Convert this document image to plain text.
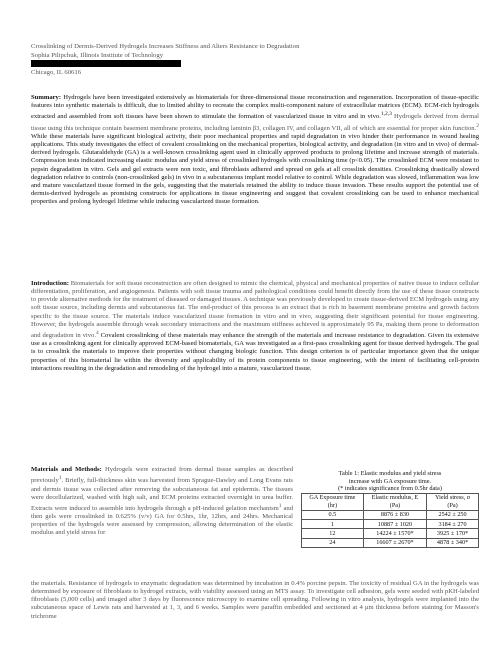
Crosslinking of Dermis-Derived Hydrogels Increases Stiffness and Alters Resistance to Degradation
Sophia Pilipchuk, Illinois Institute of Technology
Chicago, IL 60616
Summary: Hydrogels have been investigated extensively as biomaterials for three-dimensional tissue reconstruction and regeneration. Incorporation of tissue-specific features into synthetic materials is difficult, due to limited ability to recreate the complex multi-component nature of extracellular matrices (ECM). ECM-rich hydrogels extracted and assembled from soft tissues have been shown to stimulate the formation of vascularized tissue in vitro and in vivo.$^{1,2,3}$ Hydrogels derived from dermal tissue using this technique contain basement membrane proteins, including laminin β3, collagen IV, and collagen VII, all of which are essential for proper skin function.$^2$ While these materials have significant biological activity, their poor mechanical properties and rapid degradation in vivo hinder their performance in wound healing applications. This study investigates the effect of covalent crosslinking on the mechanical properties, biological activity, and degradation (in vitro and in vivo) of dermal-derived hydrogels. Glutaraldehyde (GA) is a well-known crosslinking agent used in clinically approved products to prolong lifetime and increase strength of materials. Compression tests indicated increasing elastic modulus and yield stress of crosslinked hydrogels with crosslinking time (p<0.05). The crosslinked ECM were resistant to pepsin degradation in vitro. Gels and gel extracts were non toxic, and fibroblasts adhered and spread on gels at all crosslink densities. Crosslinking drastically slowed degradation relative to controls (non-crosslinked gels) in vivo in a subcutaneous implant model relative to control. While degradation was slowed, inflammation was low and mature vascularized tissue formed in the gels, suggesting that the materials retained the ability to induce tissue invasion. These results support the potential use of dermis-derived hydrogels as promising constructs for applications in tissue engineering and suggest that covalent crosslinking can be used to enhance mechanical properties and prolong hydrogel lifetime while inducing vascularized tissue formation.
Introduction: Biomaterials for soft tissue reconstruction are often designed to mimic the chemical, physical and mechanical properties of native tissue to induce cellular differentiation, proliferation, and angiogenesis. Patients with soft tissue trauma and pathological conditions could benefit directly from the use of these tissue constructs to provide alternative methods for the treatment of diseased or damaged tissues. A technique was previously developed to create tissue-derived ECM hydrogels using any soft tissue source, including dermis and subcutaneous fat. The end-product of this process is an extract that is rich in basement membrane proteins and growth factors specific to the tissue source. The materials induce vascularized tissue formation in vitro and in vivo, suggesting their significant potential for tissue engineering. However, the hydrogels assemble through weak secondary interactions and the maximum stiffness achieved is approximately 95 Pa, making them prone to deformation and degradation in vivo.$^4$ Covalent crosslinking of these materials may enhance the strength of the materials and increase resistance to degradation. Given its extensive use as a crosslinking agent for clinically approved ECM-based biomaterials, GA was investigated as a first-pass crosslinking agent for tissue derived hydrogels. The goal is to crosslink the materials to improve their properties without changing biologic function. This design criterion is of particular importance given that the unique properties of this biomaterial lie within the diversity and applicability of its protein components to tissue engineering, with the intent of facilitating cell-protein interactions resulting in the degradation and remodeling of the hydrogel into a mature, vascularized tissue.
Materials and Methods: Hydrogels were extracted from dermal tissue samples as described previously$^1$. Briefly, full-thickness skin was harvested from Sprague-Dawley and Long Evans rats and dermis tissue was collected after removing the subcutaneous fat and epidermis. The tissues were decellularized, washed with high salt, and ECM proteins extracted overnight in urea buffer. Extracts were induced to assemble into hydrogels through a pH-induced gelation mechanism$^1$ and then gels were crosslinked in 0.625% (v/v) GA for 0.5hrs, 1hr, 12hrs, and 24hrs. Mechanical properties of the hydrogels were assessed by compression, allowing determination of the elastic modulus and yield stress for
Table 1: Elastic modulus and yield stress
increase with GA exposure time.
(* indicates significance from 0.5hr data)
GA Exposure time (hr)	Elastic modulus, E (Pa)	Yield stress, σ (Pa)
0.5	8876 ± 830	2542 ± 250
1	10887 ± 1020	3184 ± 270
12	14224 ± 1570*	3925 ± 170*
24	16607 ± 2670*	4878 ± 340*
the materials. Resistance of hydrogels to enzymatic degradation was determined by incubation in 0.4% porcine pepsin. The toxicity of residual GA in the hydrogels was determined by exposure of fibroblasts to hydrogel extracts, with viability assessed using an MTS assay. To investigate cell adhesion, gels were seeded with pKH-labeled fibroblasts (5,000 cells) and imaged after 3 days by fluorescence microscopy to examine cell spreading. Following in vitro analysis, hydrogels were implanted into the subcutaneous space of Lewis rats and harvested at 1, 3, and 6 weeks. Samples were paraffin embedded and sectioned at 4 μm thickness before staining for Masson's trichrome
